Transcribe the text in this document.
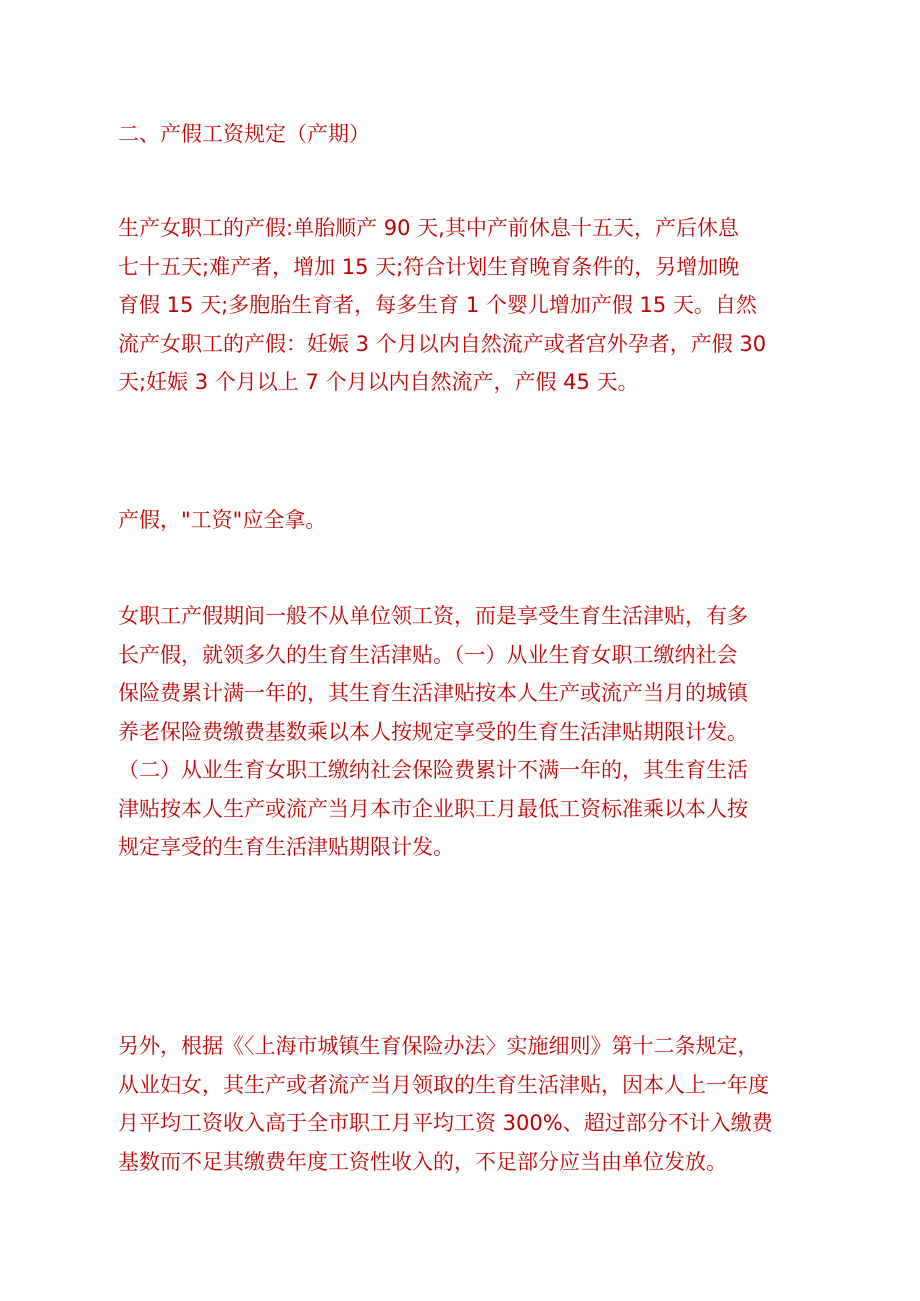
二、产假工资规定（产期）
生产女职工的产假:单胎顺产 90 天,其中产前休息十五天，产后休息
七十五天;难产者，增加 15 天;符合计划生育晚育条件的，另增加晚
育假 15 天;多胞胎生育者，每多生育 1 个婴儿增加产假 15 天。自然
流产女职工的产假：妊娠 3 个月以内自然流产或者宫外孕者，产假 30
天;妊娠 3 个月以上 7 个月以内自然流产，产假 45 天。
产假，"工资"应全拿。
女职工产假期间一般不从单位领工资，而是享受生育生活津贴，有多
长产假，就领多久的生育生活津贴。（一）从业生育女职工缴纳社会
保险费累计满一年的，其生育生活津贴按本人生产或流产当月的城镇
养老保险费缴费基数乘以本人按规定享受的生育生活津贴期限计发。
（二）从业生育女职工缴纳社会保险费累计不满一年的，其生育生活
津贴按本人生产或流产当月本市企业职工月最低工资标准乘以本人按
规定享受的生育生活津贴期限计发。
另外，根据《〈上海市城镇生育保险办法〉实施细则》第十二条规定，
从业妇女，其生产或者流产当月领取的生育生活津贴，因本人上一年度
月平均工资收入高于全市职工月平均工资 300%、超过部分不计入缴费
基数而不足其缴费年度工资性收入的，不足部分应当由单位发放。
